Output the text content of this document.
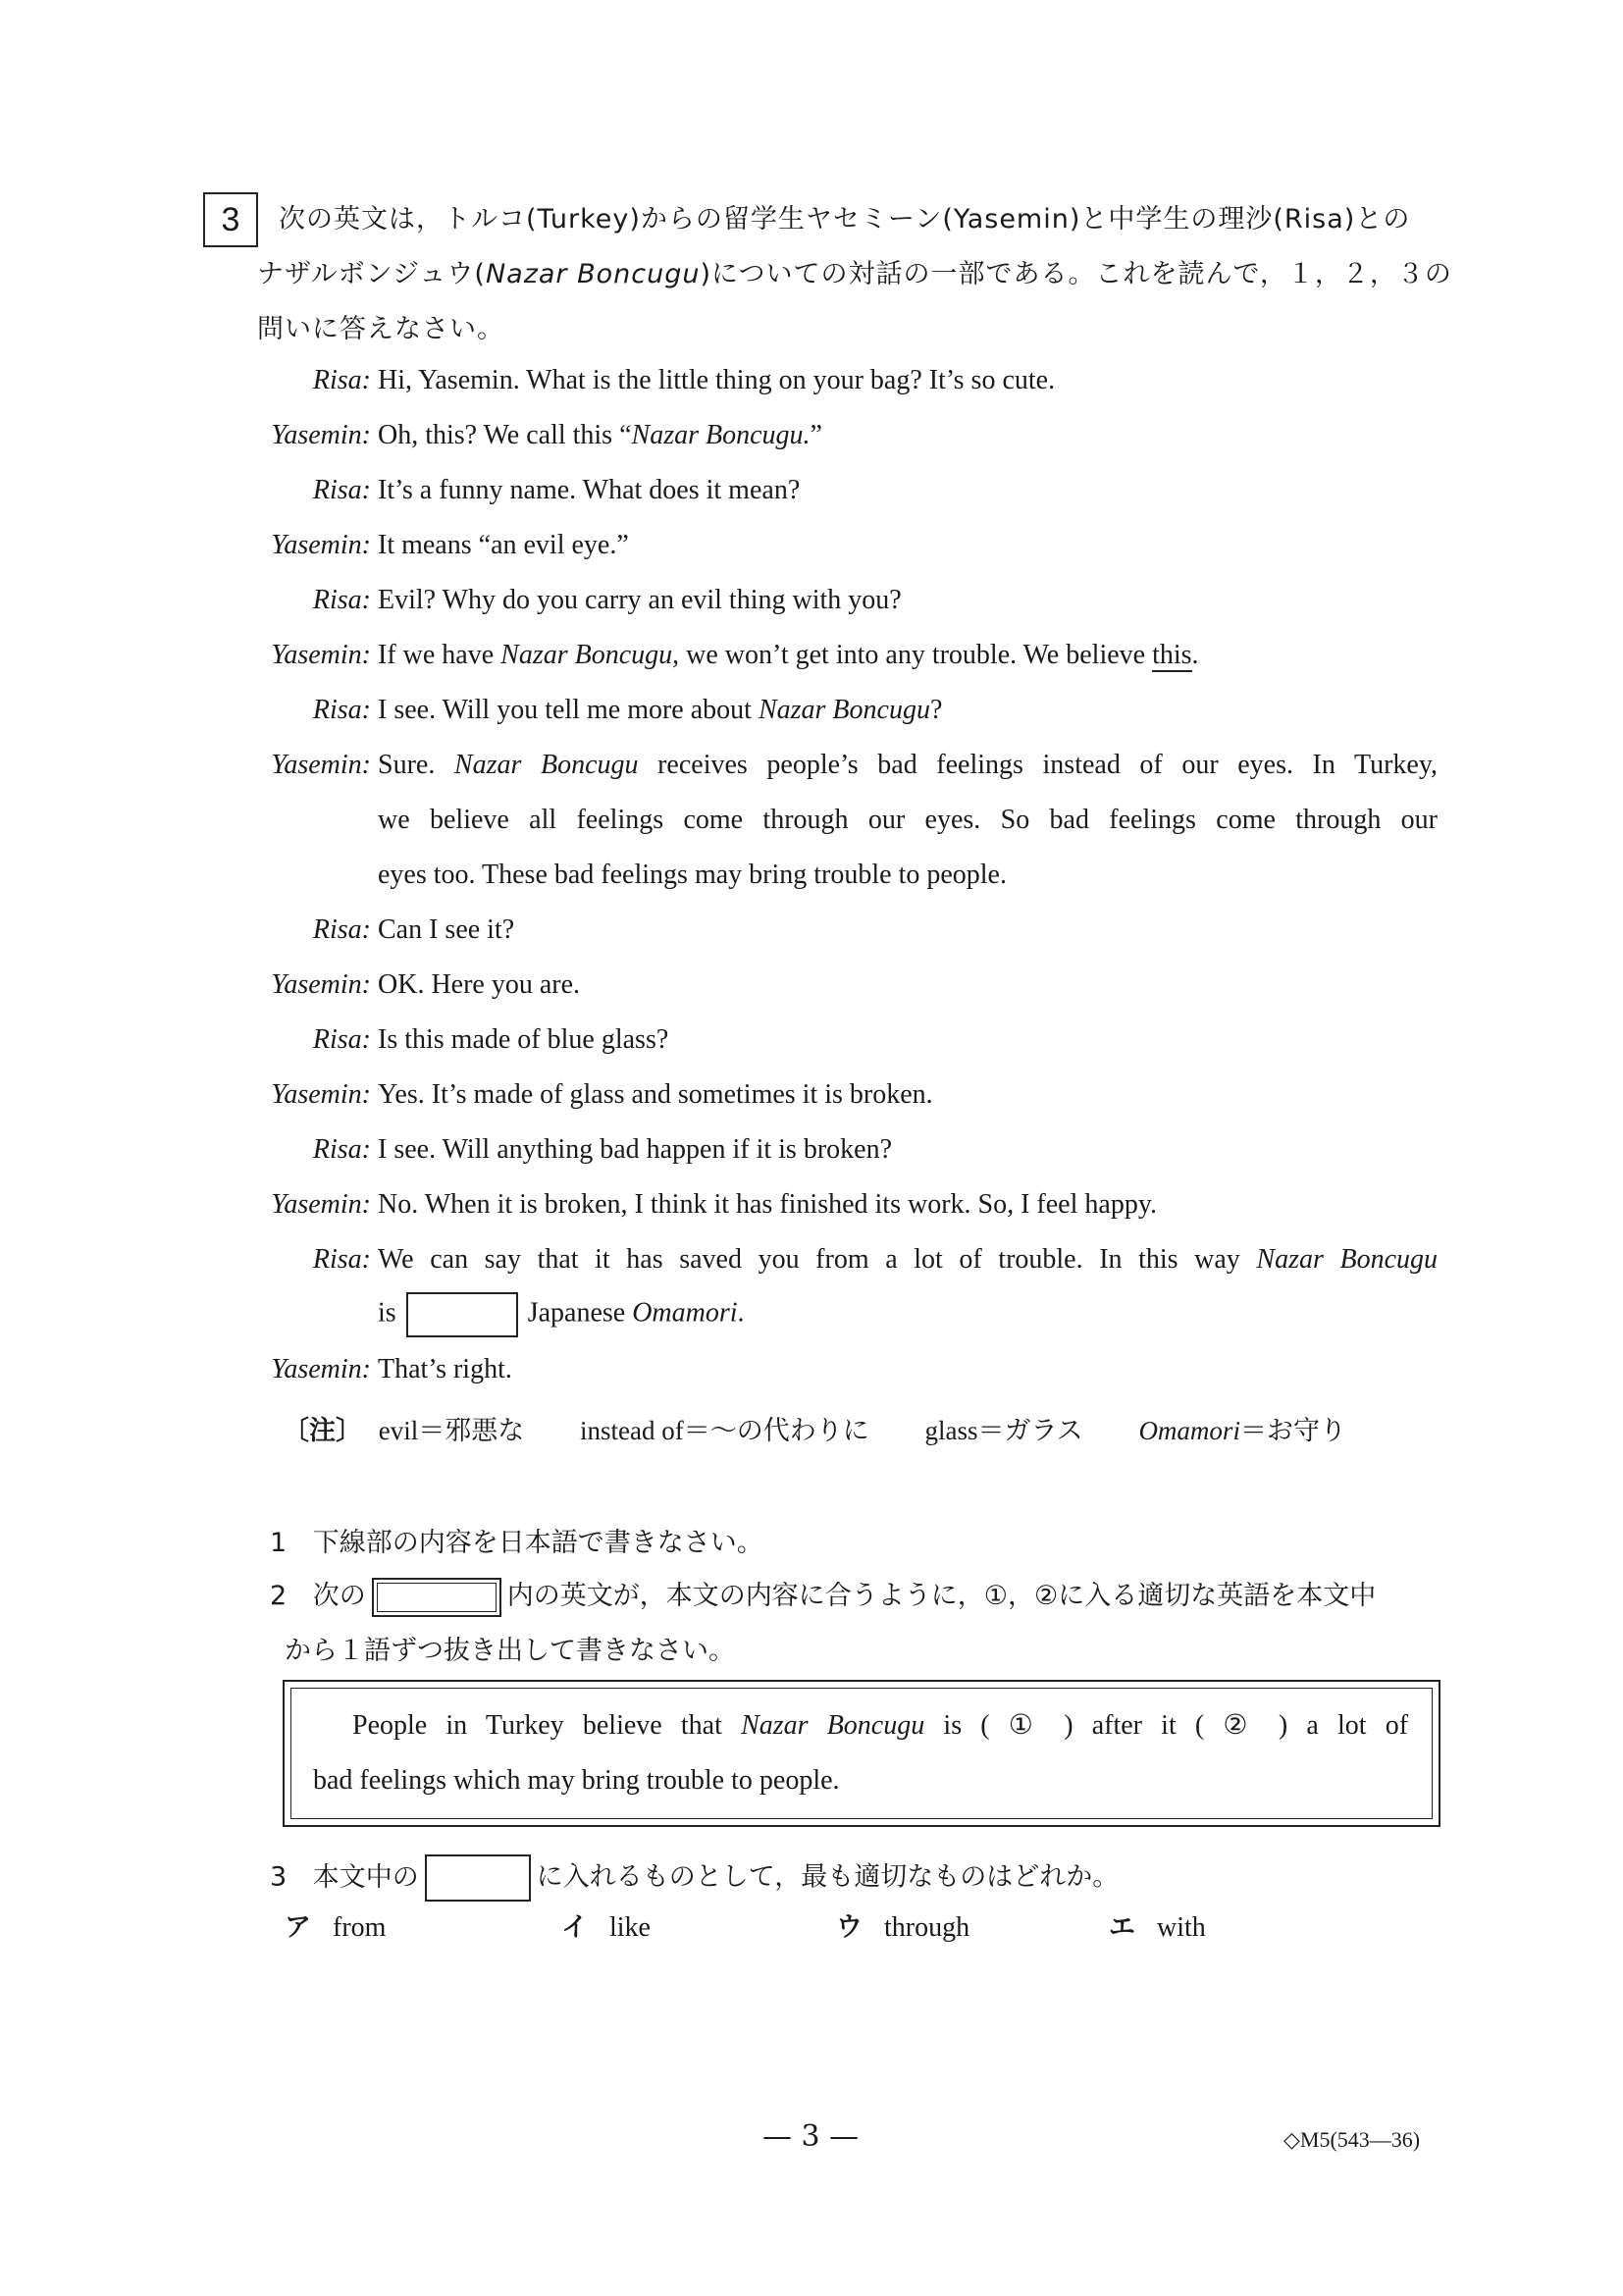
3	次の英文は，トルコ(Turkey)からの留学生ヤセミーン(Yasemin)と中学生の理沙(Risa)との
ナザルボンジュウ(Nazar Boncugu)についての対話の一部である。これを読んで，１，２，３の
問いに答えなさい。
Risa: Hi, Yasemin. What is the little thing on your bag? It’s so cute.
Yasemin: Oh, this? We call this “Nazar Boncugu.”
Risa: It’s a funny name. What does it mean?
Yasemin: It means “an evil eye.”
Risa: Evil? Why do you carry an evil thing with you?
Yasemin: If we have Nazar Boncugu, we won’t get into any trouble. We believe this.
Risa: I see. Will you tell me more about Nazar Boncugu?
Yasemin: Sure. Nazar Boncugu receives people’s bad feelings instead of our eyes. In Turkey,
we believe all feelings come through our eyes. So bad feelings come through our
eyes too. These bad feelings may bring trouble to people.
Risa: Can I see it?
Yasemin: OK. Here you are.
Risa: Is this made of blue glass?
Yasemin: Yes. It’s made of glass and sometimes it is broken.
Risa: I see. Will anything bad happen if it is broken?
Yasemin: No. When it is broken, I think it has finished its work. So, I feel happy.
Risa: We can say that it has saved you from a lot of trouble. In this way Nazar Boncugu
is	Japanese Omamori.
Yasemin: That’s right.
〔注〕 evil＝邪悪な instead of＝～の代わりに glass＝ガラス Omamori＝お守り
1 下線部の内容を日本語で書きなさい。
2 次の	内の英文が，本文の内容に合うように，①，②に入る適切な英語を本文中
から１語ずつ抜き出して書きなさい。
People in Turkey believe that Nazar Boncugu is ( ① ) after it ( ② ) a lot of
bad feelings which may bring trouble to people.
3 本文中の	に入れるものとして，最も適切なものはどれか。
ア from	イ like	ウ through	エ with
— 3 —	◇M5(543—36)
